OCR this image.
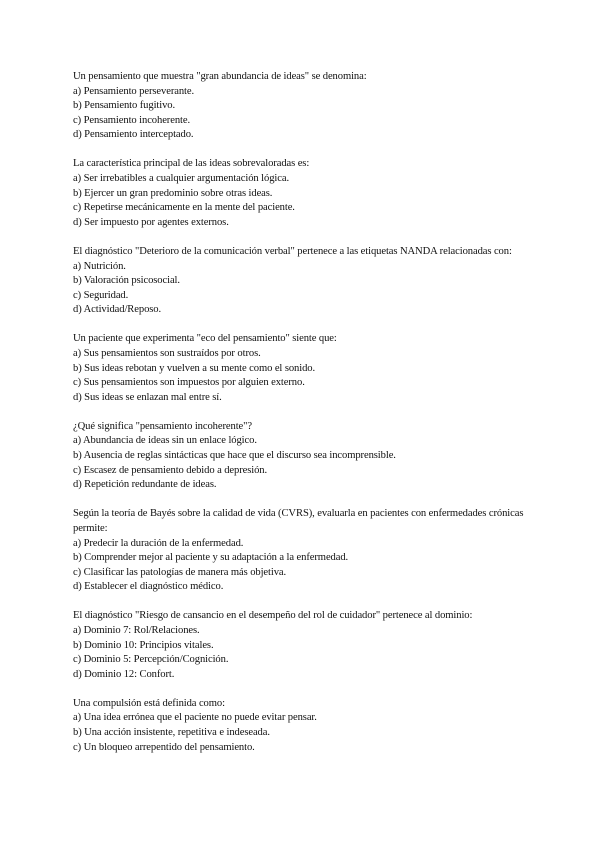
Un pensamiento que muestra "gran abundancia de ideas" se denomina:

a) Pensamiento perseverante.

b) Pensamiento fugitivo.

c) Pensamiento incoherente.

d) Pensamiento interceptado.

La característica principal de las ideas sobrevaloradas es:

a) Ser irrebatibles a cualquier argumentación lógica.

b) Ejercer un gran predominio sobre otras ideas.

c) Repetirse mecánicamente en la mente del paciente.

d) Ser impuesto por agentes externos.

El diagnóstico "Deterioro de la comunicación verbal" pertenece a las etiquetas NANDA relacionadas con:

a) Nutrición.

b) Valoración psicosocial.

c) Seguridad.

d) Actividad/Reposo.

Un paciente que experimenta "eco del pensamiento" siente que:

a) Sus pensamientos son sustraídos por otros.

b) Sus ideas rebotan y vuelven a su mente como el sonido.

c) Sus pensamientos son impuestos por alguien externo.

d) Sus ideas se enlazan mal entre sí.

¿Qué significa "pensamiento incoherente"?

a) Abundancia de ideas sin un enlace lógico.

b) Ausencia de reglas sintácticas que hace que el discurso sea incomprensible.

c) Escasez de pensamiento debido a depresión.

d) Repetición redundante de ideas.

Según la teoría de Bayés sobre la calidad de vida (CVRS), evaluarla en pacientes con enfermedades crónicas permite:

a) Predecir la duración de la enfermedad.

b) Comprender mejor al paciente y su adaptación a la enfermedad.

c) Clasificar las patologías de manera más objetiva.

d) Establecer el diagnóstico médico.

El diagnóstico "Riesgo de cansancio en el desempeño del rol de cuidador" pertenece al dominio:

a) Dominio 7: Rol/Relaciones.

b) Dominio 10: Principios vitales.

c) Dominio 5: Percepción/Cognición.

d) Dominio 12: Confort.

Una compulsión está definida como:

a) Una idea errónea que el paciente no puede evitar pensar.

b) Una acción insistente, repetitiva e indeseada.

c) Un bloqueo arrepentido del pensamiento.
